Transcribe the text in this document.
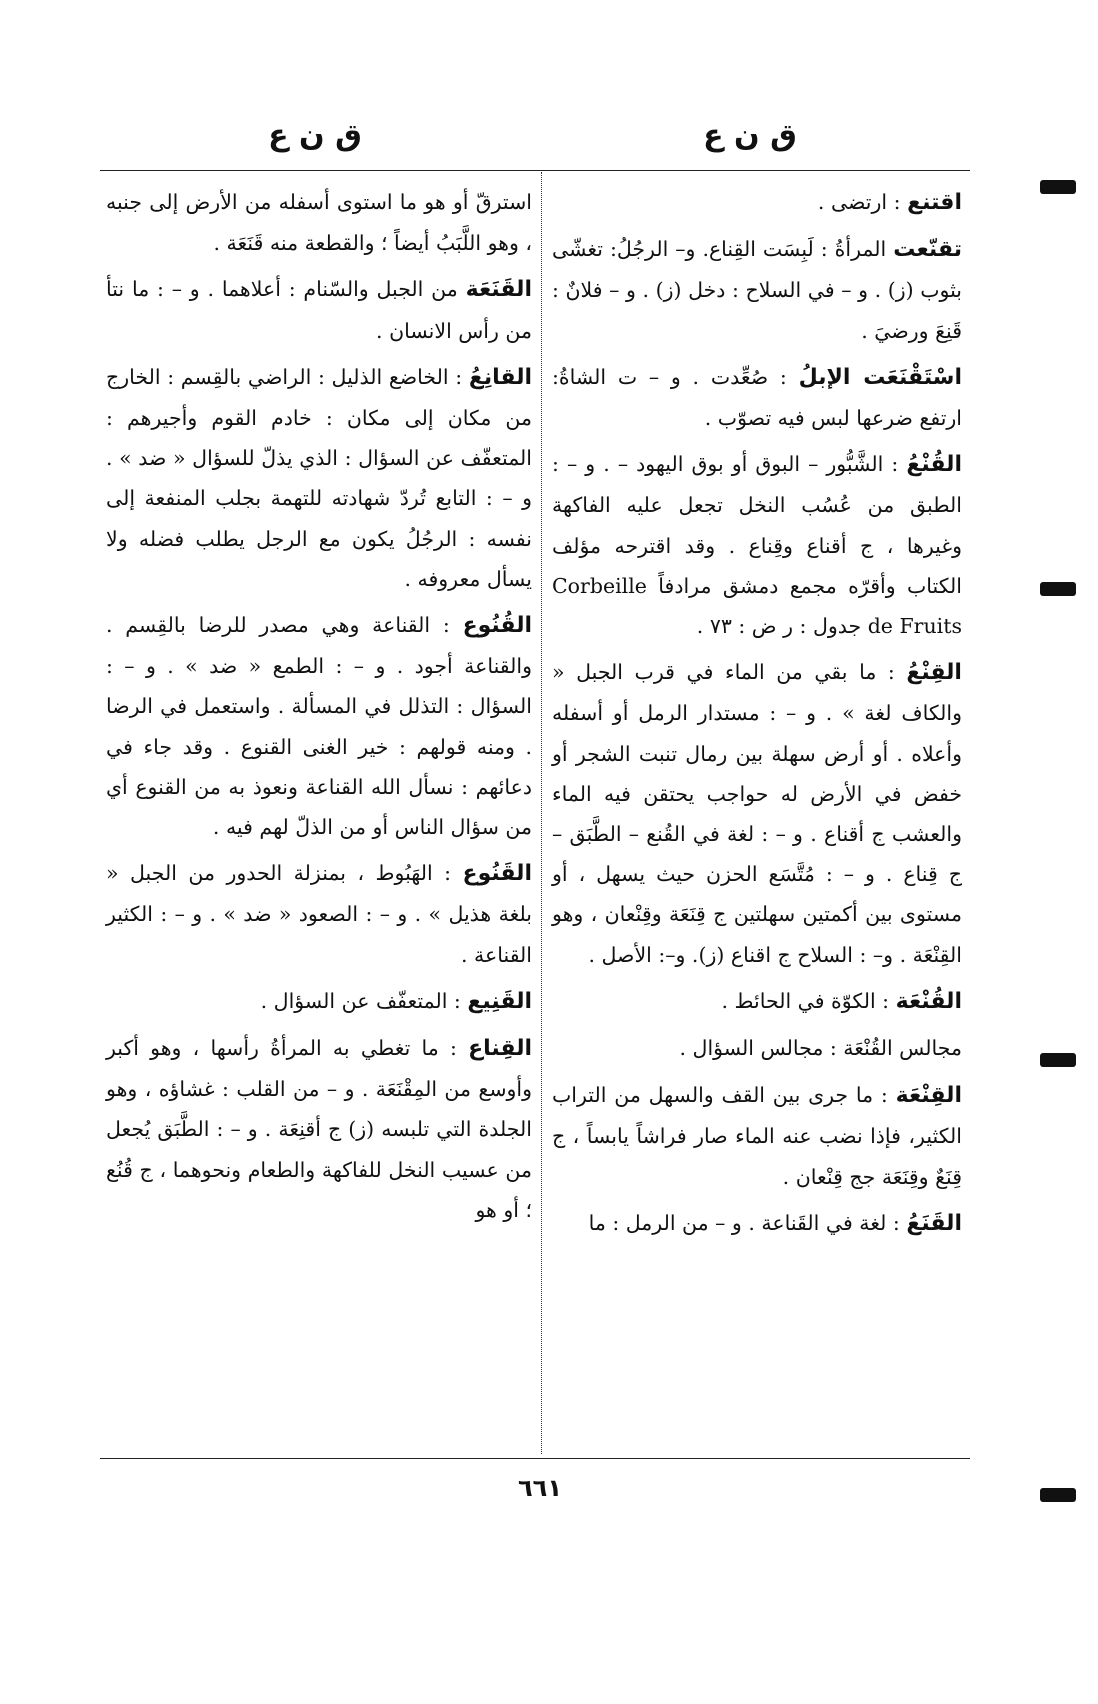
ق ن ع
ق ن ع

اقتنع : ارتضى .

تقنّعت المرأةُ : لَبِسَت القِناع. و– الرجُلُ: تغشّى بثوب (ز) . و – في السلاح : دخل (ز) . و – فلانٌ : قَنِعَ ورضيَ .

اسْتَقْنَعَت الإبلُ : صُعِّدت . و – ت الشاةُ: ارتفع ضرعها لبس فيه تصوّب .

القُنْعُ : الشَّبُّور – البوق أو بوق اليهود – . و – : الطبق من عُسُب النخل تجعل عليه الفاكهة وغيرها ، ج أقناع وقِناع . وقد اقترحه مؤلف الكتاب وأقرّه مجمع دمشق مرادفاً Corbeille de Fruits جدول : ر ض : ٧٣ .

القِنْعُ : ما بقي من الماء في قرب الجبل « والكاف لغة » . و – : مستدار الرمل أو أسفله وأعلاه . أو أرض سهلة بين رمال تنبت الشجر أو خفض في الأرض له حواجب يحتقن فيه الماء والعشب ج أقناع . و – : لغة في القُنع – الطَّبَق – ج قِناع . و – : مُتَّسَع الحزن حيث يسهل ، أو مستوى بين أكمتين سهلتين ج قِنَعَة وقِنْعان ، وهو القِنْعَة . و– : السلاح ج اقناع (ز). و–: الأصل .

القُنْعَة : الكوّة في الحائط .

مجالس القُنْعَة : مجالس السؤال .

القِنْعَة : ما جرى بين القف والسهل من التراب الكثير، فإذا نضب عنه الماء صار فراشاً يابساً ، ج قِنَعٌ وقِنَعَة جج قِنْعان .

القَنَعُ : لغة في القَناعة . و – من الرمل : ما

استرقّ أو هو ما استوى أسفله من الأرض إلى جنبه ، وهو اللَّبَبُ أيضاً ؛ والقطعة منه قَنَعَة .

القَنَعَة من الجبل والسّنام : أعلاهما . و – : ما نتأ من رأس الانسان .

القانِعُ : الخاضع الذليل : الراضي بالقِسم : الخارج من مكان إلى مكان : خادم القوم وأجيرهم : المتعفّف عن السؤال : الذي يذلّ للسؤال « ضد » . و – : التابع تُردّ شهادته للتهمة بجلب المنفعة إلى نفسه : الرجُلُ يكون مع الرجل يطلب فضله ولا يسأل معروفه .

القُنُوع : القناعة وهي مصدر للرضا بالقِسم . والقناعة أجود . و – : الطمع « ضد » . و – : السؤال : التذلل في المسألة . واستعمل في الرضا . ومنه قولهم : خير الغنى القنوع . وقد جاء في دعائهم : نسأل الله القناعة ونعوذ به من القنوع أي من سؤال الناس أو من الذلّ لهم فيه .

القَنُوع : الهَبُوط ، بمنزلة الحدور من الجبل « بلغة هذيل » . و – : الصعود « ضد » . و – : الكثير القناعة .

القَنِيع : المتعفّف عن السؤال .

القِناع : ما تغطي به المرأةُ رأسها ، وهو أكبر وأوسع من المِقْنَعَة . و – من القلب : غشاؤه ، وهو الجلدة التي تلبسه (ز) ج أقنِعَة . و – : الطَّبَق يُجعل من عسيب النخل للفاكهة والطعام ونحوهما ، ج قُنُع ؛ أو هو

٦٦١
